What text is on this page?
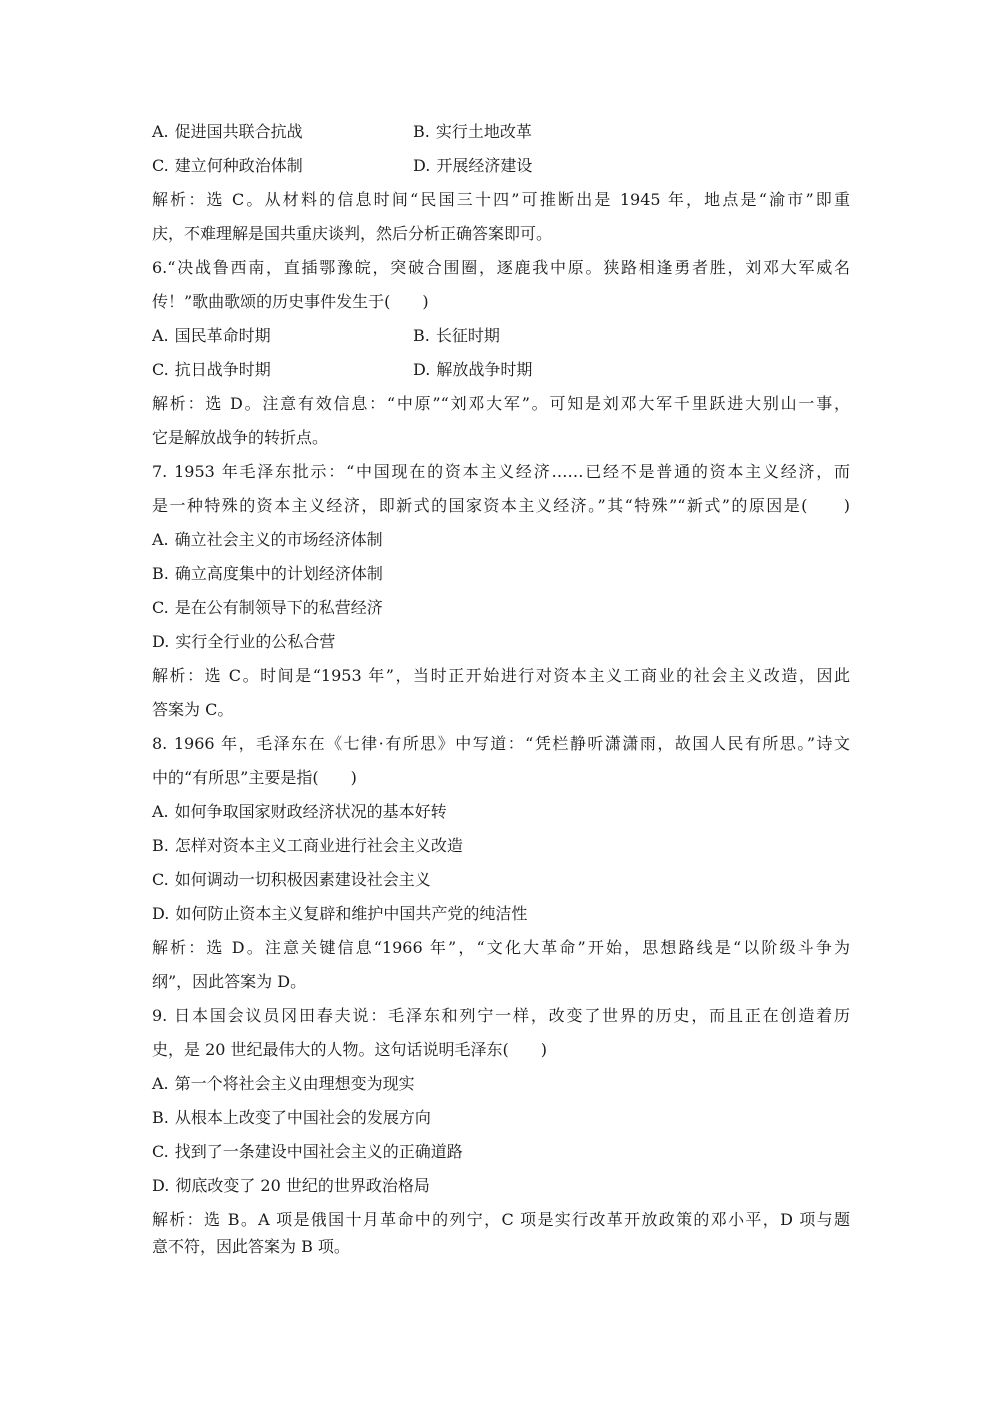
A. 促进国共联合抗战	B. 实行土地改革
C. 建立何种政治体制	D. 开展经济建设
解析：选 C。从材料的信息时间“民国三十四”可推断出是 1945 年，地点是“渝市”即重
庆，不难理解是国共重庆谈判，然后分析正确答案即可。
6.“决战鲁西南，直插鄂豫皖，突破合围圈，逐鹿我中原。狭路相逢勇者胜，刘邓大军威名
传！”歌曲歌颂的历史事件发生于(　　)
A. 国民革命时期	B. 长征时期
C. 抗日战争时期	D. 解放战争时期
解析：选 D。注意有效信息：“中原”“刘邓大军”。可知是刘邓大军千里跃进大别山一事，
它是解放战争的转折点。
7. 1953 年毛泽东批示：“中国现在的资本主义经济……已经不是普通的资本主义经济，而
是一种特殊的资本主义经济，即新式的国家资本主义经济。”其“特殊”“新式”的原因是(　　)
A. 确立社会主义的市场经济体制
B. 确立高度集中的计划经济体制
C. 是在公有制领导下的私营经济
D. 实行全行业的公私合营
解析：选 C。时间是“1953 年”，当时正开始进行对资本主义工商业的社会主义改造，因此
答案为 C。
8. 1966 年，毛泽东在《七律·有所思》中写道：“凭栏静听潇潇雨，故国人民有所思。”诗文
中的“有所思”主要是指(　　)
A. 如何争取国家财政经济状况的基本好转
B. 怎样对资本主义工商业进行社会主义改造
C. 如何调动一切积极因素建设社会主义
D. 如何防止资本主义复辟和维护中国共产党的纯洁性
解析：选 D。注意关键信息“1966 年”，“文化大革命”开始，思想路线是“以阶级斗争为
纲”，因此答案为 D。
9. 日本国会议员冈田春夫说：毛泽东和列宁一样，改变了世界的历史，而且正在创造着历
史，是 20 世纪最伟大的人物。这句话说明毛泽东(　　)
A. 第一个将社会主义由理想变为现实
B. 从根本上改变了中国社会的发展方向
C. 找到了一条建设中国社会主义的正确道路
D. 彻底改变了 20 世纪的世界政治格局
解析：选 B。A 项是俄国十月革命中的列宁，C 项是实行改革开放政策的邓小平，D 项与题
意不符，因此答案为 B 项。
